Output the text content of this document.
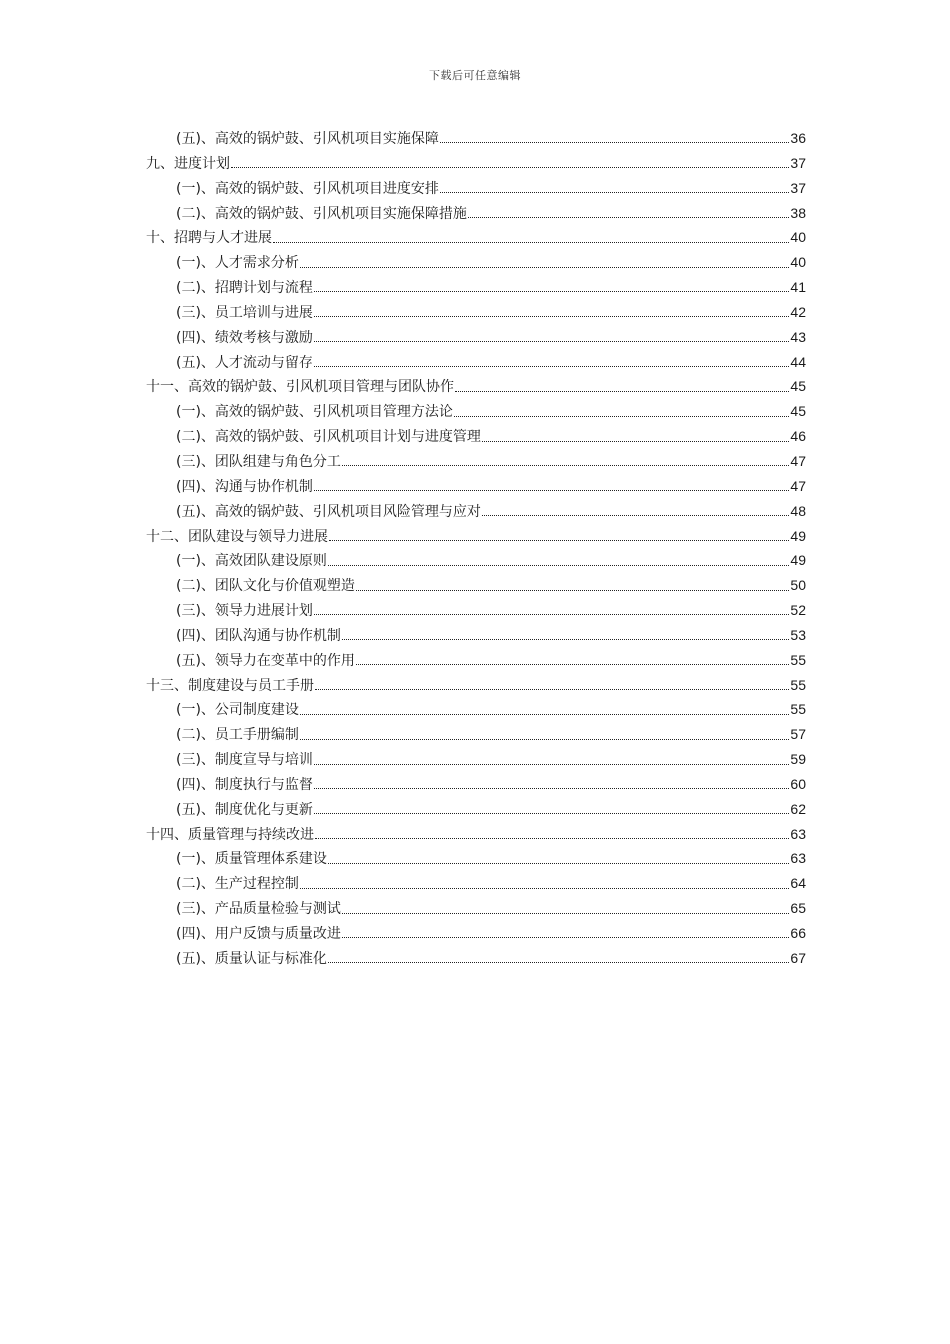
下载后可任意编辑
(五)、高效的锅炉鼓、引风机项目实施保障	36
九、进度计划	37
(一)、高效的锅炉鼓、引风机项目进度安排	37
(二)、高效的锅炉鼓、引风机项目实施保障措施	38
十、招聘与人才进展	40
(一)、人才需求分析	40
(二)、招聘计划与流程	41
(三)、员工培训与进展	42
(四)、绩效考核与激励	43
(五)、人才流动与留存	44
十一、高效的锅炉鼓、引风机项目管理与团队协作	45
(一)、高效的锅炉鼓、引风机项目管理方法论	45
(二)、高效的锅炉鼓、引风机项目计划与进度管理	46
(三)、团队组建与角色分工	47
(四)、沟通与协作机制	47
(五)、高效的锅炉鼓、引风机项目风险管理与应对	48
十二、团队建设与领导力进展	49
(一)、高效团队建设原则	49
(二)、团队文化与价值观塑造	50
(三)、领导力进展计划	52
(四)、团队沟通与协作机制	53
(五)、领导力在变革中的作用	55
十三、制度建设与员工手册	55
(一)、公司制度建设	55
(二)、员工手册编制	57
(三)、制度宣导与培训	59
(四)、制度执行与监督	60
(五)、制度优化与更新	62
十四、质量管理与持续改进	63
(一)、质量管理体系建设	63
(二)、生产过程控制	64
(三)、产品质量检验与测试	65
(四)、用户反馈与质量改进	66
(五)、质量认证与标准化	67
